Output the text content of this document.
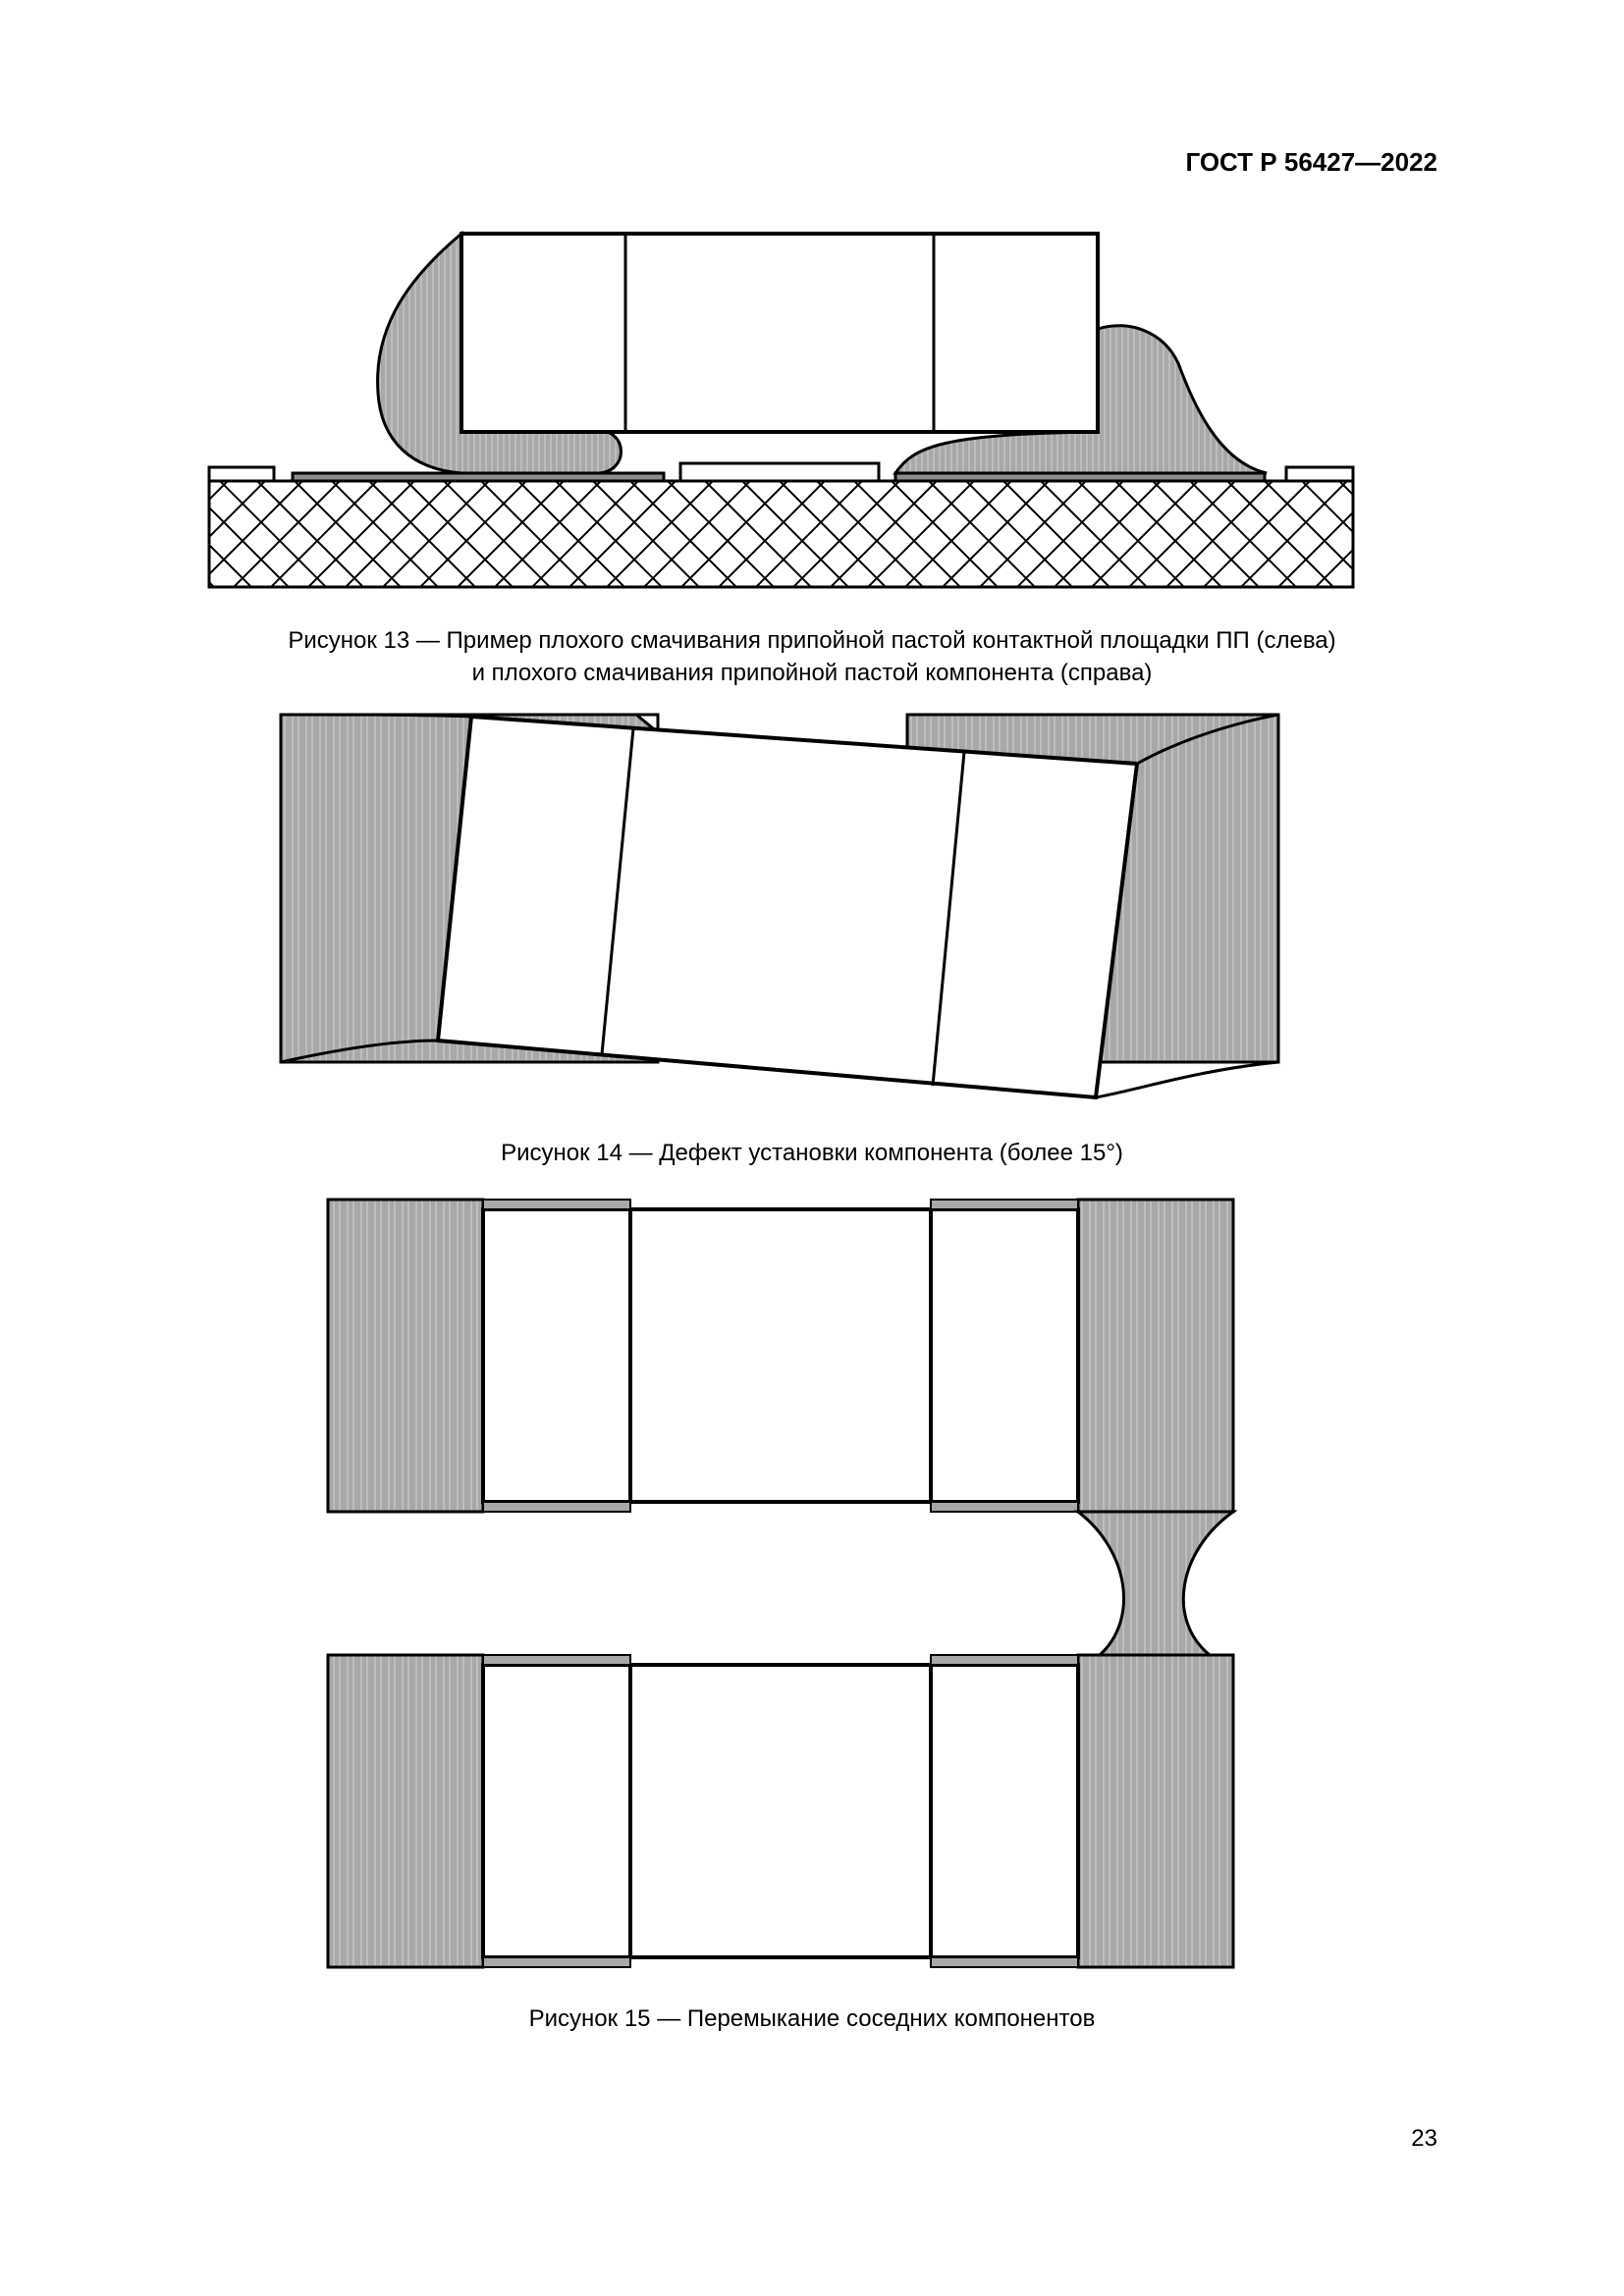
ГОСТ Р 56427—2022
Рисунок 13 — Пример плохого смачивания припойной пастой контактной площадки ПП (слева)
и плохого смачивания припойной пастой компонента (справа)
Рисунок 14 — Дефект установки компонента (более 15°)
Рисунок 15 — Перемыкание соседних компонентов
23
